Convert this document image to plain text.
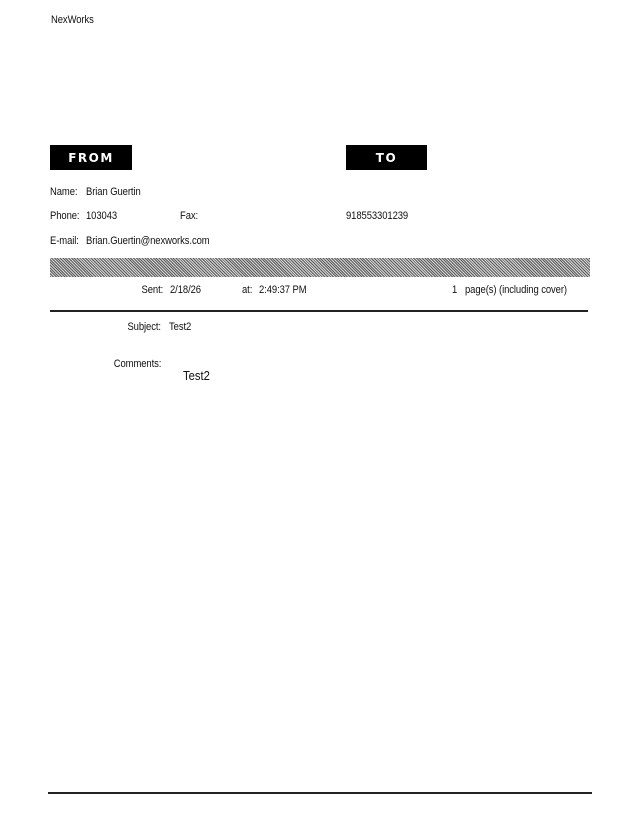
NexWorks
FROM	TO
Name: Brian Guertin
Phone: 103043	Fax:	918553301239
E-mail: Brian.Guertin@nexworks.com
Sent: 2/18/26	at: 2:49:37 PM	1 page(s) (including cover)
Subject: Test2
Comments:
Test2
